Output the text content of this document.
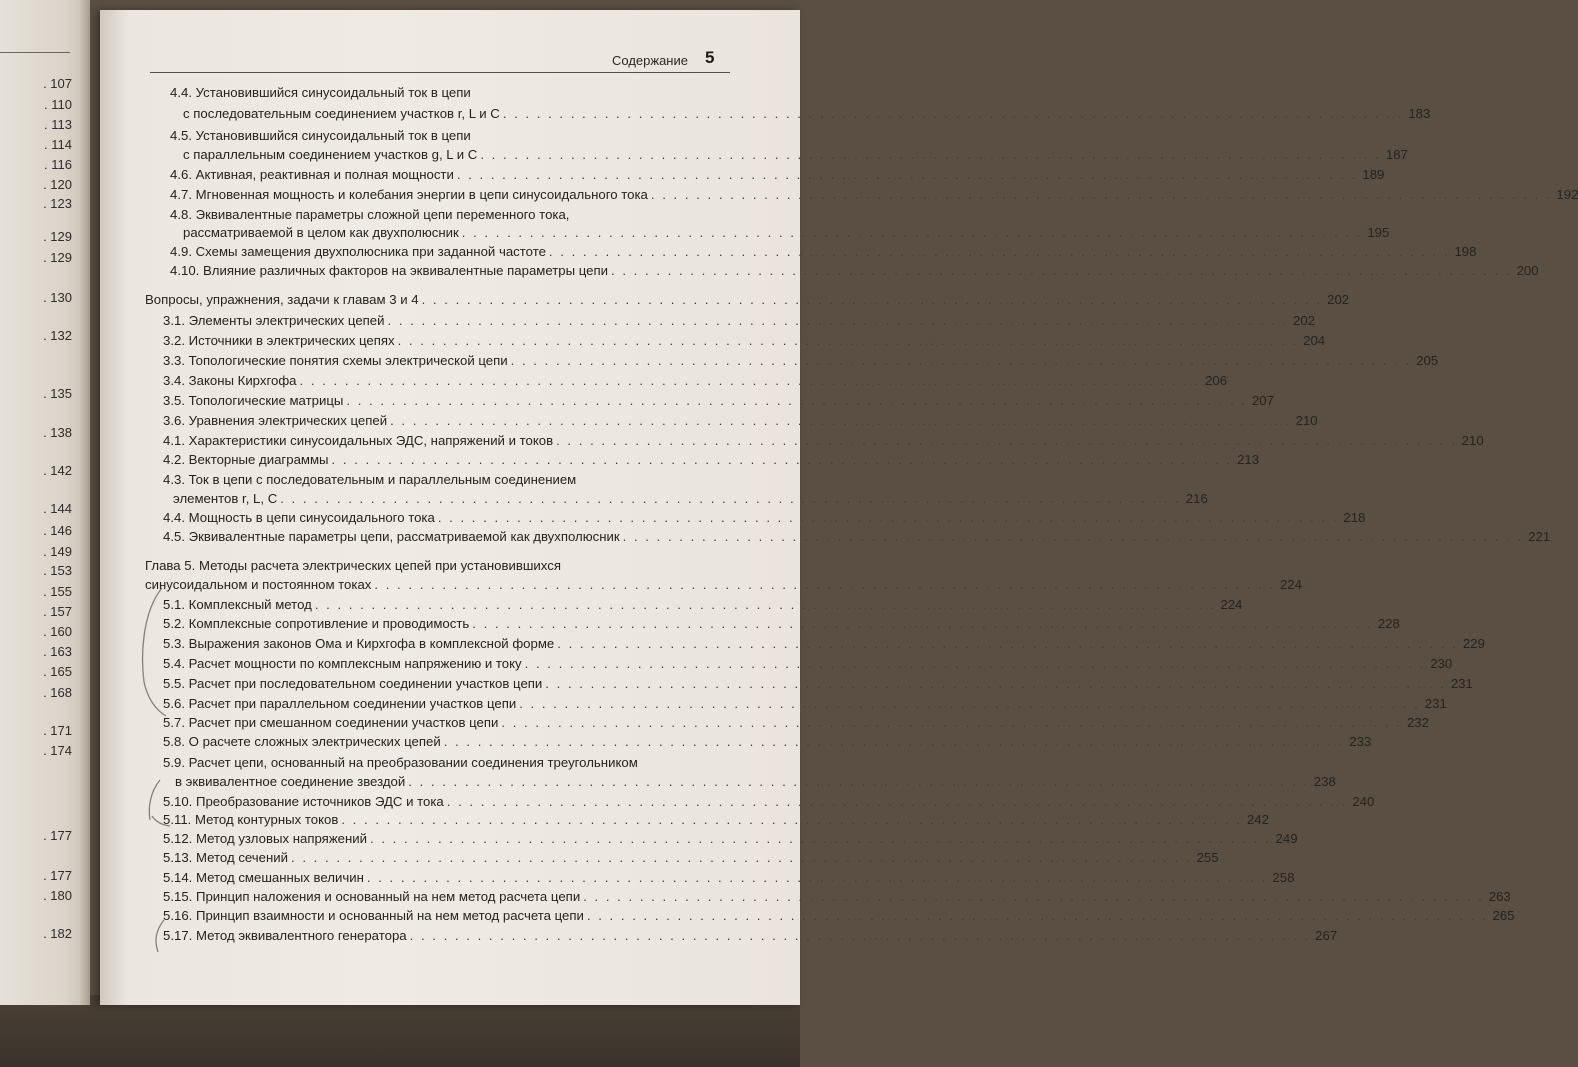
. 107
. 110
. 113
. 114
. 116
. 120
. 123
. 129
. 129
. 130
. 132
. 135
. 138
. 142
. 144
. 146
. 149
. 153
. 155
. 157
. 160
. 163
. 165
. 168
. 171
. 174
. 177
. 177
. 180
. 182
Содержание 5
4.4. Установившийся синусоидальный ток в цепи
с последовательным соединением участков r, L и C . . . . . . . . . . . . . . . . . . . . . . . . . . . . . . . . . . . . . . . . . . . . . . . . . . . . . . . . . . . . . . . . . . . . . . . . . . . . . . . . 183
4.5. Установившийся синусоидальный ток в цепи
с параллельным соединением участков g, L и C . . . . . . . . . . . . . . . . . . . . . . . . . . . . . . . . . . . . . . . . . . . . . . . . . . . . . . . . . . . . . . . . . . . . . . . . . . . . . . . . 187
4.6. Активная, реактивная и полная мощности . . . . . . . . . . . . . . . . . . . . . . . . . . . . . . . . . . . . . . . . . . . . . . . . . . . . . . . . . . . . . . . . . . . . . . . . . . . . . . . . 189
4.7. Мгновенная мощность и колебания энергии в цепи синусоидального тока . . . . . . . . . . . . . . . . . . . . . . . . . . . . . . . . . . . . . . . . . . . . . . . . . . . . . . . . . . . . . . . . . . . . . . . . . . . . . . . . 192
4.8. Эквивалентные параметры сложной цепи переменного тока,
рассматриваемой в целом как двухполюсник . . . . . . . . . . . . . . . . . . . . . . . . . . . . . . . . . . . . . . . . . . . . . . . . . . . . . . . . . . . . . . . . . . . . . . . . . . . . . . . . 195
4.9. Схемы замещения двухполюсника при заданной частоте . . . . . . . . . . . . . . . . . . . . . . . . . . . . . . . . . . . . . . . . . . . . . . . . . . . . . . . . . . . . . . . . . . . . . . . . . . . . . . . . 198
4.10. Влияние различных факторов на эквивалентные параметры цепи . . . . . . . . . . . . . . . . . . . . . . . . . . . . . . . . . . . . . . . . . . . . . . . . . . . . . . . . . . . . . . . . . . . . . . . . . . . . . . . . 200
Вопросы, упражнения, задачи к главам 3 и 4 . . . . . . . . . . . . . . . . . . . . . . . . . . . . . . . . . . . . . . . . . . . . . . . . . . . . . . . . . . . . . . . . . . . . . . . . . . . . . . . . 202
3.1. Элементы электрических цепей . . . . . . . . . . . . . . . . . . . . . . . . . . . . . . . . . . . . . . . . . . . . . . . . . . . . . . . . . . . . . . . . . . . . . . . . . . . . . . . . 202
3.2. Источники в электрических цепях . . . . . . . . . . . . . . . . . . . . . . . . . . . . . . . . . . . . . . . . . . . . . . . . . . . . . . . . . . . . . . . . . . . . . . . . . . . . . . . . 204
3.3. Топологические понятия схемы электрической цепи . . . . . . . . . . . . . . . . . . . . . . . . . . . . . . . . . . . . . . . . . . . . . . . . . . . . . . . . . . . . . . . . . . . . . . . . . . . . . . . . 205
3.4. Законы Кирхгофа . . . . . . . . . . . . . . . . . . . . . . . . . . . . . . . . . . . . . . . . . . . . . . . . . . . . . . . . . . . . . . . . . . . . . . . . . . . . . . . . 206
3.5. Топологические матрицы . . . . . . . . . . . . . . . . . . . . . . . . . . . . . . . . . . . . . . . . . . . . . . . . . . . . . . . . . . . . . . . . . . . . . . . . . . . . . . . . 207
3.6. Уравнения электрических цепей . . . . . . . . . . . . . . . . . . . . . . . . . . . . . . . . . . . . . . . . . . . . . . . . . . . . . . . . . . . . . . . . . . . . . . . . . . . . . . . . 210
4.1. Характеристики синусоидальных ЭДС, напряжений и токов . . . . . . . . . . . . . . . . . . . . . . . . . . . . . . . . . . . . . . . . . . . . . . . . . . . . . . . . . . . . . . . . . . . . . . . . . . . . . . . . 210
4.2. Векторные диаграммы . . . . . . . . . . . . . . . . . . . . . . . . . . . . . . . . . . . . . . . . . . . . . . . . . . . . . . . . . . . . . . . . . . . . . . . . . . . . . . . . 213
4.3. Ток в цепи с последовательным и параллельным соединением
элементов r, L, C . . . . . . . . . . . . . . . . . . . . . . . . . . . . . . . . . . . . . . . . . . . . . . . . . . . . . . . . . . . . . . . . . . . . . . . . . . . . . . . . 216
4.4. Мощность в цепи синусоидального тока . . . . . . . . . . . . . . . . . . . . . . . . . . . . . . . . . . . . . . . . . . . . . . . . . . . . . . . . . . . . . . . . . . . . . . . . . . . . . . . . 218
4.5. Эквивалентные параметры цепи, рассматриваемой как двухполюсник . . . . . . . . . . . . . . . . . . . . . . . . . . . . . . . . . . . . . . . . . . . . . . . . . . . . . . . . . . . . . . . . . . . . . . . . . . . . . . . . 221
Глава 5. Методы расчета электрических цепей при установившихся
синусоидальном и постоянном токах . . . . . . . . . . . . . . . . . . . . . . . . . . . . . . . . . . . . . . . . . . . . . . . . . . . . . . . . . . . . . . . . . . . . . . . . . . . . . . . . 224
5.1. Комплексный метод . . . . . . . . . . . . . . . . . . . . . . . . . . . . . . . . . . . . . . . . . . . . . . . . . . . . . . . . . . . . . . . . . . . . . . . . . . . . . . . . 224
5.2. Комплексные сопротивление и проводимость . . . . . . . . . . . . . . . . . . . . . . . . . . . . . . . . . . . . . . . . . . . . . . . . . . . . . . . . . . . . . . . . . . . . . . . . . . . . . . . . 228
5.3. Выражения законов Ома и Кирхгофа в комплексной форме . . . . . . . . . . . . . . . . . . . . . . . . . . . . . . . . . . . . . . . . . . . . . . . . . . . . . . . . . . . . . . . . . . . . . . . . . . . . . . . . 229
5.4. Расчет мощности по комплексным напряжению и току . . . . . . . . . . . . . . . . . . . . . . . . . . . . . . . . . . . . . . . . . . . . . . . . . . . . . . . . . . . . . . . . . . . . . . . . . . . . . . . . 230
5.5. Расчет при последовательном соединении участков цепи . . . . . . . . . . . . . . . . . . . . . . . . . . . . . . . . . . . . . . . . . . . . . . . . . . . . . . . . . . . . . . . . . . . . . . . . . . . . . . . . 231
5.6. Расчет при параллельном соединении участков цепи . . . . . . . . . . . . . . . . . . . . . . . . . . . . . . . . . . . . . . . . . . . . . . . . . . . . . . . . . . . . . . . . . . . . . . . . . . . . . . . . 231
5.7. Расчет при смешанном соединении участков цепи . . . . . . . . . . . . . . . . . . . . . . . . . . . . . . . . . . . . . . . . . . . . . . . . . . . . . . . . . . . . . . . . . . . . . . . . . . . . . . . . 232
5.8. О расчете сложных электрических цепей . . . . . . . . . . . . . . . . . . . . . . . . . . . . . . . . . . . . . . . . . . . . . . . . . . . . . . . . . . . . . . . . . . . . . . . . . . . . . . . . 233
5.9. Расчет цепи, основанный на преобразовании соединения треугольником
в эквивалентное соединение звездой . . . . . . . . . . . . . . . . . . . . . . . . . . . . . . . . . . . . . . . . . . . . . . . . . . . . . . . . . . . . . . . . . . . . . . . . . . . . . . . . 238
5.10. Преобразование источников ЭДС и тока . . . . . . . . . . . . . . . . . . . . . . . . . . . . . . . . . . . . . . . . . . . . . . . . . . . . . . . . . . . . . . . . . . . . . . . . . . . . . . . . 240
5.11. Метод контурных токов . . . . . . . . . . . . . . . . . . . . . . . . . . . . . . . . . . . . . . . . . . . . . . . . . . . . . . . . . . . . . . . . . . . . . . . . . . . . . . . . 242
5.12. Метод узловых напряжений . . . . . . . . . . . . . . . . . . . . . . . . . . . . . . . . . . . . . . . . . . . . . . . . . . . . . . . . . . . . . . . . . . . . . . . . . . . . . . . . 249
5.13. Метод сечений . . . . . . . . . . . . . . . . . . . . . . . . . . . . . . . . . . . . . . . . . . . . . . . . . . . . . . . . . . . . . . . . . . . . . . . . . . . . . . . . 255
5.14. Метод смешанных величин . . . . . . . . . . . . . . . . . . . . . . . . . . . . . . . . . . . . . . . . . . . . . . . . . . . . . . . . . . . . . . . . . . . . . . . . . . . . . . . . 258
5.15. Принцип наложения и основанный на нем метод расчета цепи . . . . . . . . . . . . . . . . . . . . . . . . . . . . . . . . . . . . . . . . . . . . . . . . . . . . . . . . . . . . . . . . . . . . . . . . . . . . . . . . 263
5.16. Принцип взаимности и основанный на нем метод расчета цепи . . . . . . . . . . . . . . . . . . . . . . . . . . . . . . . . . . . . . . . . . . . . . . . . . . . . . . . . . . . . . . . . . . . . . . . . . . . . . . . . 265
5.17. Метод эквивалентного генератора . . . . . . . . . . . . . . . . . . . . . . . . . . . . . . . . . . . . . . . . . . . . . . . . . . . . . . . . . . . . . . . . . . . . . . . . . . . . . . . . 267
